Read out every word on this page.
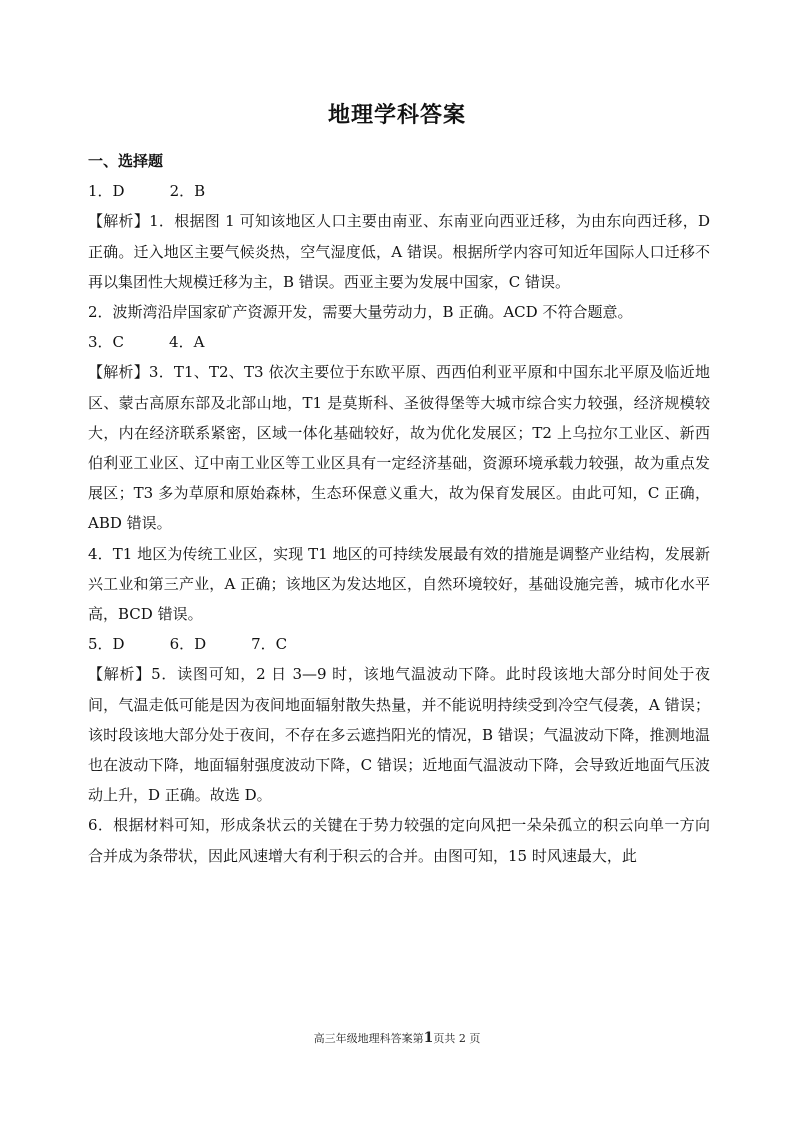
地理学科答案

一、选择题

1．D　　　2．B

【解析】1．根据图 1 可知该地区人口主要由南亚、东南亚向西亚迁移，为由东向西迁移，D 正确。迁入地区主要气候炎热，空气湿度低，A 错误。根据所学内容可知近年国际人口迁移不再以集团性大规模迁移为主，B 错误。西亚主要为发展中国家，C 错误。

2．波斯湾沿岸国家矿产资源开发，需要大量劳动力，B 正确。ACD 不符合题意。

3．C　　　4．A

【解析】3．T1、T2、T3 依次主要位于东欧平原、西西伯利亚平原和中国东北平原及临近地区、蒙古高原东部及北部山地，T1 是莫斯科、圣彼得堡等大城市综合实力较强，经济规模较大，内在经济联系紧密，区域一体化基础较好，故为优化发展区；T2 上乌拉尔工业区、新西伯利亚工业区、辽中南工业区等工业区具有一定经济基础，资源环境承载力较强，故为重点发展区；T3 多为草原和原始森林，生态环保意义重大，故为保育发展区。由此可知，C 正确，ABD 错误。

4．T1 地区为传统工业区，实现 T1 地区的可持续发展最有效的措施是调整产业结构，发展新兴工业和第三产业，A 正确；该地区为发达地区，自然环境较好，基础设施完善，城市化水平高，BCD 错误。

5．D　　　6．D　　　7．C

【解析】5．读图可知，2 日 3—9 时，该地气温波动下降。此时段该地大部分时间处于夜间，气温走低可能是因为夜间地面辐射散失热量，并不能说明持续受到冷空气侵袭，A 错误；该时段该地大部分处于夜间，不存在多云遮挡阳光的情况，B 错误；气温波动下降，推测地温也在波动下降，地面辐射强度波动下降，C 错误；近地面气温波动下降，会导致近地面气压波动上升，D 正确。故选 D。

6．根据材料可知，形成条状云的关键在于势力较强的定向风把一朵朵孤立的积云向单一方向合并成为条带状，因此风速增大有利于积云的合并。由图可知，15 时风速最大，此

高三年级地理科答案第1页共 2 页
